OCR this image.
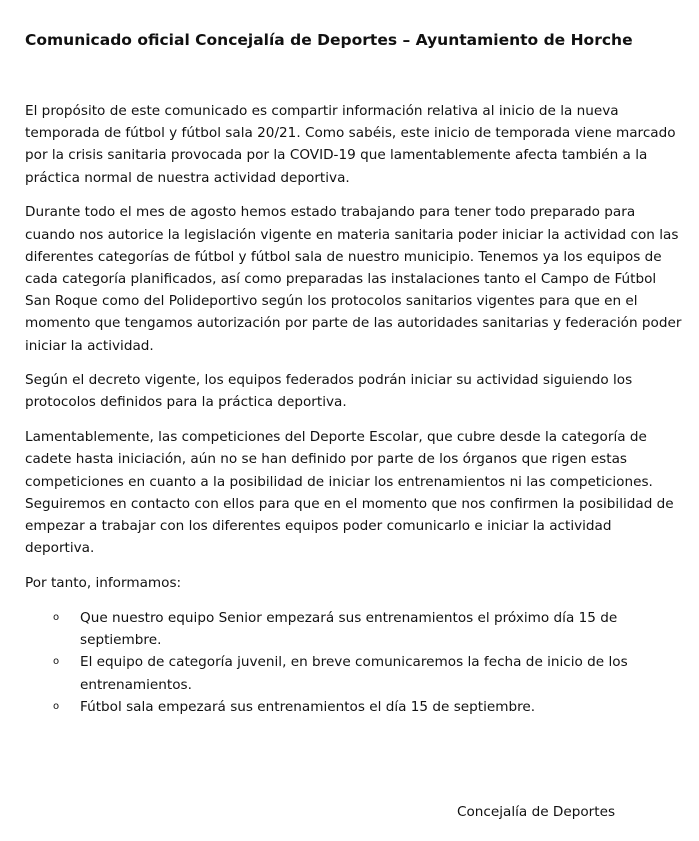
Comunicado oficial Concejalía de Deportes – Ayuntamiento de Horche

El propósito de este comunicado es compartir información relativa al inicio de la nueva temporada de fútbol y fútbol sala 20/21. Como sabéis, este inicio de temporada viene marcado por la crisis sanitaria provocada por la COVID-19 que lamentablemente afecta también a la práctica normal de nuestra actividad deportiva.

Durante todo el mes de agosto hemos estado trabajando para tener todo preparado para cuando nos autorice la legislación vigente en materia sanitaria poder iniciar la actividad con las diferentes categorías de fútbol y fútbol sala de nuestro municipio. Tenemos ya los equipos de cada categoría planificados, así como preparadas las instalaciones tanto el Campo de Fútbol San Roque como del Polideportivo según los protocolos sanitarios vigentes para que en el momento que tengamos autorización por parte de las autoridades sanitarias y federación poder iniciar la actividad.

Según el decreto vigente, los equipos federados podrán iniciar su actividad siguiendo los protocolos definidos para la práctica deportiva.

Lamentablemente, las competiciones del Deporte Escolar, que cubre desde la categoría de cadete hasta iniciación, aún no se han definido por parte de los órganos que rigen estas competiciones en cuanto a la posibilidad de iniciar los entrenamientos ni las competiciones. Seguiremos en contacto con ellos para que en el momento que nos confirmen la posibilidad de empezar a trabajar con los diferentes equipos poder comunicarlo e iniciar la actividad deportiva.

Por tanto, informamos:

o Que nuestro equipo Senior empezará sus entrenamientos el próximo día 15 de septiembre.
o El equipo de categoría juvenil, en breve comunicaremos la fecha de inicio de los entrenamientos.
o Fútbol sala empezará sus entrenamientos el día 15 de septiembre.
Concejalía de Deportes
